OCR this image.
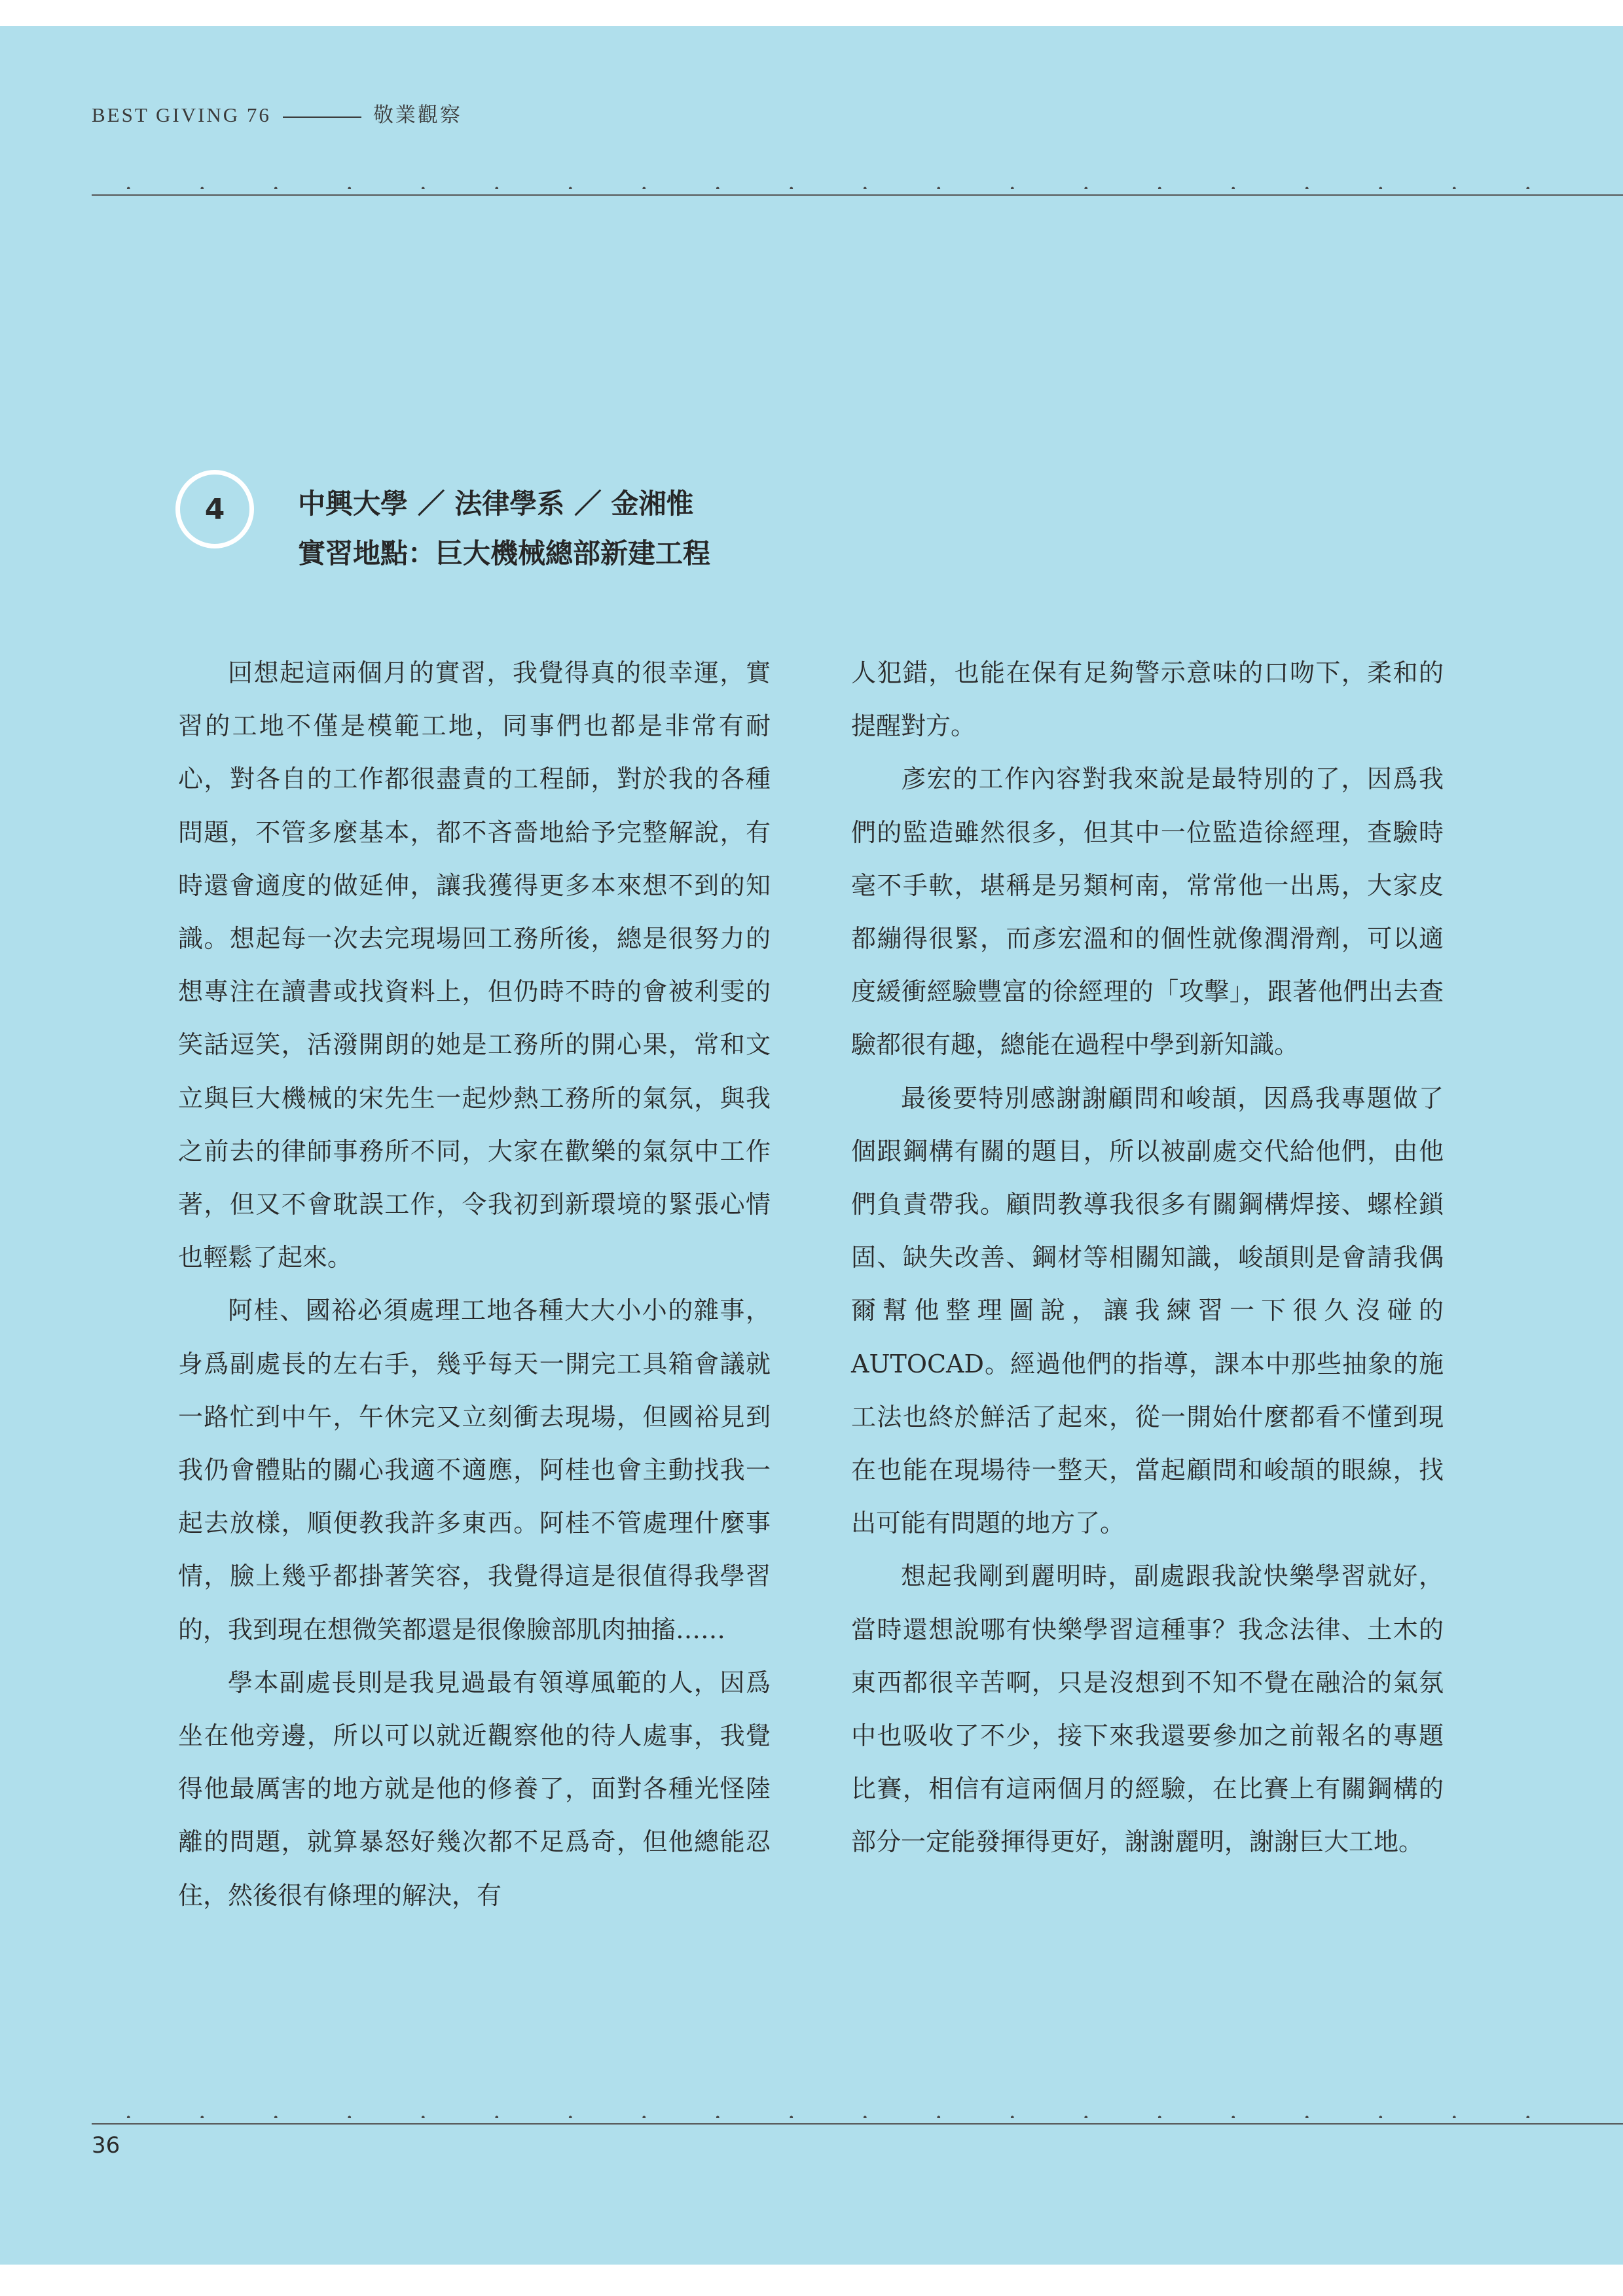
BEST GIVING 76	敬業觀察
4	中興大學 ／ 法律學系 ／ 金湘惟
實習地點：巨大機械總部新建工程

回想起這兩個月的實習，我覺得真的很幸運，實習的工地不僅是模範工地，同事們也都是非常有耐心，對各自的工作都很盡責的工程師，對於我的各種問題，不管多麼基本，都不吝嗇地給予完整解說，有時還會適度的做延伸，讓我獲得更多本來想不到的知識。想起每一次去完現場回工務所後，總是很努力的想專注在讀書或找資料上，但仍時不時的會被利雯的笑話逗笑，活潑開朗的她是工務所的開心果，常和文立與巨大機械的宋先生一起炒熱工務所的氣氛，與我之前去的律師事務所不同，大家在歡樂的氣氛中工作著，但又不會耽誤工作，令我初到新環境的緊張心情也輕鬆了起來。

阿桂、國裕必須處理工地各種大大小小的雜事，身爲副處長的左右手，幾乎每天一開完工具箱會議就一路忙到中午，午休完又立刻衝去現場，但國裕見到我仍會體貼的關心我適不適應，阿桂也會主動找我一起去放樣，順便教我許多東西。阿桂不管處理什麼事情，臉上幾乎都掛著笑容，我覺得這是很值得我學習的，我到現在想微笑都還是很像臉部肌肉抽搐……

學本副處長則是我見過最有領導風範的人，因爲坐在他旁邊，所以可以就近觀察他的待人處事，我覺得他最厲害的地方就是他的修養了，面對各種光怪陸離的問題，就算暴怒好幾次都不足爲奇，但他總能忍住，然後很有條理的解決，有

人犯錯，也能在保有足夠警示意味的口吻下，柔和的提醒對方。

彥宏的工作內容對我來說是最特別的了，因爲我們的監造雖然很多，但其中一位監造徐經理，查驗時毫不手軟，堪稱是另類柯南，常常他一出馬，大家皮都繃得很緊，而彥宏溫和的個性就像潤滑劑，可以適度緩衝經驗豐富的徐經理的「攻擊」，跟著他們出去查驗都很有趣，總能在過程中學到新知識。

最後要特別感謝謝顧問和峻頡，因爲我專題做了個跟鋼構有關的題目，所以被副處交代給他們，由他們負責帶我。顧問教導我很多有關鋼構焊接、螺栓鎖固、缺失改善、鋼材等相關知識，峻頡則是會請我偶爾幫他整理圖說，讓我練習一下很久沒碰的AUTOCAD。經過他們的指導，課本中那些抽象的施工法也終於鮮活了起來，從一開始什麼都看不懂到現在也能在現場待一整天，當起顧問和峻頡的眼線，找出可能有問題的地方了。

想起我剛到麗明時，副處跟我說快樂學習就好，當時還想說哪有快樂學習這種事？我念法律、土木的東西都很辛苦啊，只是沒想到不知不覺在融洽的氣氛中也吸收了不少，接下來我還要參加之前報名的專題比賽，相信有這兩個月的經驗，在比賽上有關鋼構的部分一定能發揮得更好，謝謝麗明，謝謝巨大工地。

36
